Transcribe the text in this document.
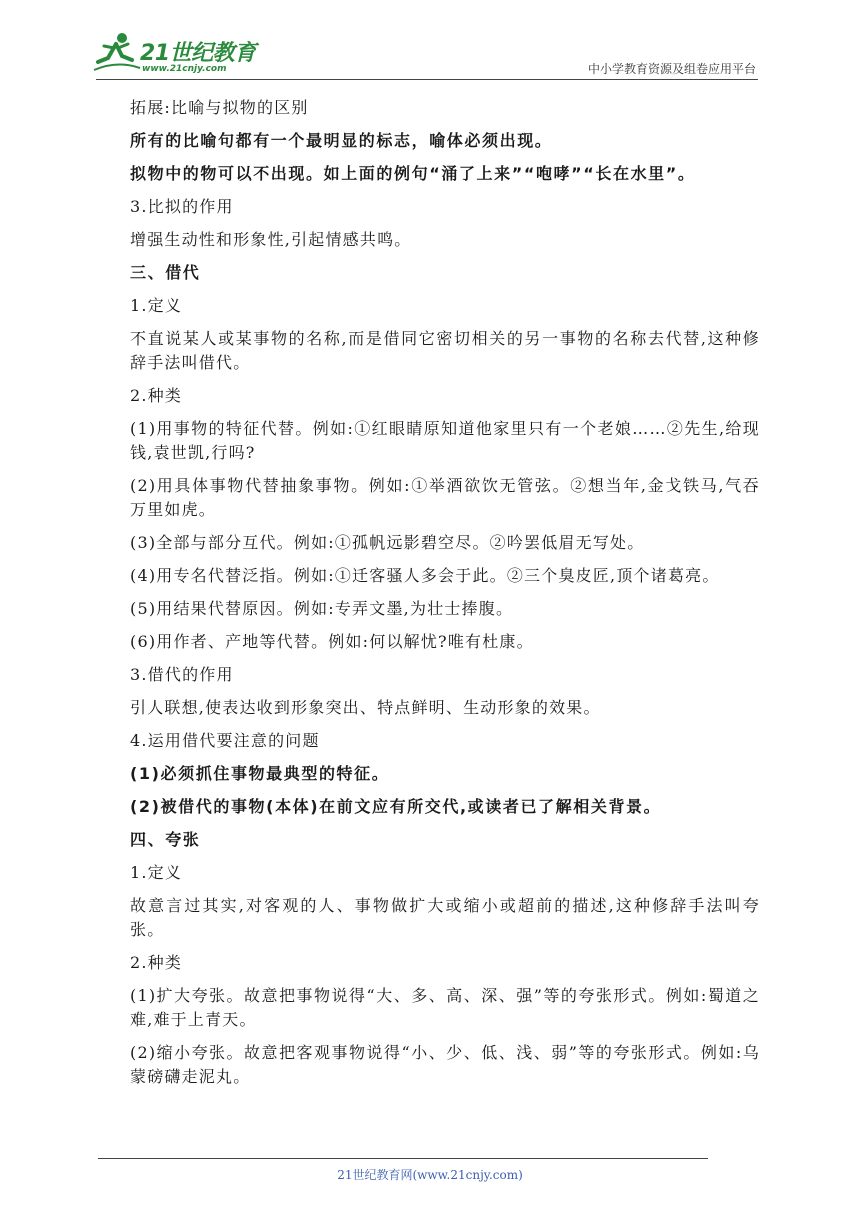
21世纪教育
www.21cnjy.com	中小学教育资源及组卷应用平台

拓展:比喻与拟物的区别

所有的比喻句都有一个最明显的标志，喻体必须出现。

拟物中的物可以不出现。如上面的例句“涌了上来”“咆哮”“长在水里”。

3.比拟的作用

增强生动性和形象性,引起情感共鸣。

三、借代

1.定义

不直说某人或某事物的名称,而是借同它密切相关的另一事物的名称去代替,这种修辞手法叫借代。

2.种类

(1)用事物的特征代替。例如:①红眼睛原知道他家里只有一个老娘……②先生,给现钱,袁世凯,行吗?

(2)用具体事物代替抽象事物。例如:①举酒欲饮无管弦。②想当年,金戈铁马,气吞万里如虎。

(3)全部与部分互代。例如:①孤帆远影碧空尽。②吟罢低眉无写处。

(4)用专名代替泛指。例如:①迁客骚人多会于此。②三个臭皮匠,顶个诸葛亮。

(5)用结果代替原因。例如:专弄文墨,为壮士捧腹。

(6)用作者、产地等代替。例如:何以解忧?唯有杜康。

3.借代的作用

引人联想,使表达收到形象突出、特点鲜明、生动形象的效果。

4.运用借代要注意的问题

(1)必须抓住事物最典型的特征。

(2)被借代的事物(本体)在前文应有所交代,或读者已了解相关背景。

四、夸张

1.定义

故意言过其实,对客观的人、事物做扩大或缩小或超前的描述,这种修辞手法叫夸张。

2.种类

(1)扩大夸张。故意把事物说得“大、多、高、深、强”等的夸张形式。例如:蜀道之难,难于上青天。

(2)缩小夸张。故意把客观事物说得“小、少、低、浅、弱”等的夸张形式。例如:乌蒙磅礴走泥丸。

21世纪教育网(www.21cnjy.com)
